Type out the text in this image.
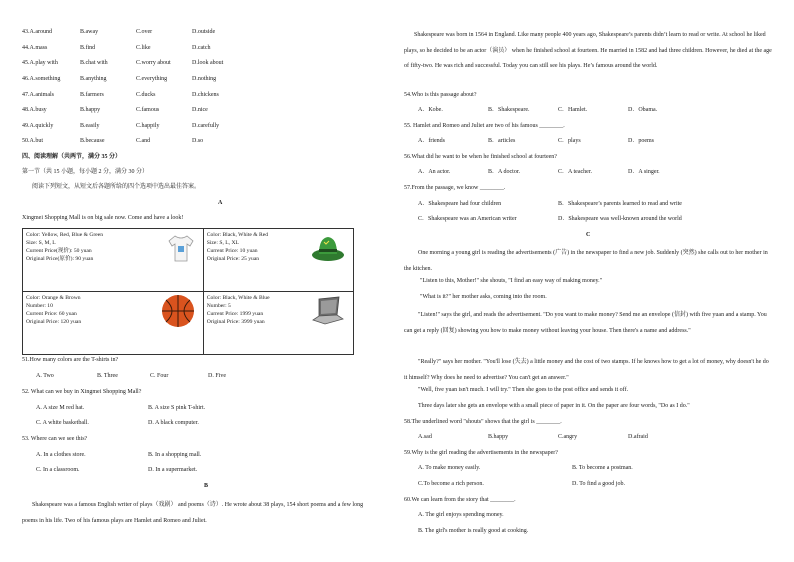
43.A.around	B.away	C.over	D.outside
44.A.mass	B.find	C.like	D.catch
45.A.play with	B.chat with	C.worry about	D.look about
46.A.something	B.anything	C.everything	D.nothing
47.A.animals	B.farmers	C.ducks	D.chickens
48.A.busy	B.happy	C.famous	D.nice
49.A.quickly	B.easily	C.happily	D.carefully
50.A.but	B.because	C.and	D.so
四、阅读理解（共两节，满分 35 分）
第一节（共 15 小题，每小题 2 分，满分 30 分）
阅读下列短文，从短文后各题所给的四个选项中选出最佳答案。
A
Xingmei Shopping Mall is on big sale now. Come and have a look!
Color: Yellow, Red, Blue & Green
Size: S, M, L
Current Price(现价): 50 yuan
Original Price(原价): 90 yuan	Color: Black, White & Red
Size: S, L, XL
Current Price: 10 yuan
Original Price: 25 yuan

Color: Orange & Brown
Number: 10
Current Price: 60 yuan
Original Price: 120 yuan	Color: Black, White & Blue
Number: 5
Current Price: 1999 yuan
Original Price: 3999 yuan
51.How many colors are the T-shirts in?
A. Two	B. Three	C. Four	D. Five
52. What can we buy in Xingmei Shopping Mall?
A. A size M red hat.	B. A size S pink T-shirt.
C. A white basketball.	D. A black computer.
53. Where can we see this?
A. In a clothes store.	B. In a shopping mall.
C. In a classroom.	D. In a supermarket.
B
Shakespeare was a famous English writer of plays（戏剧） and poems（诗）. He wrote about 38 plays, 154 short poems and a few long poems in his life. Two of his famous plays are Hamlet and Romeo and Juliet.
Shakespeare was born in 1564 in England. Like many people 400 years ago, Shakespeare’s parents didn’t learn to read or write. At school he liked plays, so he decided to be an actor（演员） when he finished school at fourteen. He married in 1582 and had three children. However, he died at the age of fifty-two. He was rich and successful. Today you can still see his plays. He’s famous around the world.
54.Who is this passage about?
A．Kobe.	B．Shakespeare.	C．Hamlet.	D．Obama.
55. Hamlet and Romeo and Juliet are two of his famous ________.
A．friends	B．articles	C．plays	D．poems
56.What did he want to be when he finished school at fourteen?
A．An actor.	B．A doctor.	C．A teacher.	D．A singer.
57.From the passage, we know ________.
A．Shakespeare had four children	B．Shakespeare’s parents learned to read and write
C．Shakespeare was an American writer	D．Shakespeare was well-known around the world
C
One morning a young girl is reading the advertisements (广告) in the newspaper to find a new job. Suddenly (突然) she calls out to her mother in the kitchen.
"Listen to this, Mother!" she shouts, "I find an easy way of making money."
"What is it?" her mother asks, coming into the room.
"Listen!" says the girl, and reads the advertisement. "Do you want to make money? Send me an envelope (信封) with five yuan and a stamp. You can get a reply (回复) showing you how to make money without leaving your house. Then there's a name and address."
"Really?" says her mother. "You'll lose (失去) a little money and the cost of two stamps. If he knows how to get a lot of money, why doesn't he do it himself? Why does he need to advertise? You can't get an answer."
"Well, five yuan isn't much. I will try." Then she goes to the post office and sends it off.
Three days later she gets an envelope with a small piece of paper in it. On the paper are four words, "Do as I do."
58.The underlined word "shouts" shows that the girl is ________.
A.sad	B.happy	C.angry	D.afraid
59.Why is the girl reading the advertisements in the newspaper?
A. To make money easily.	B. To become a postman.
C.To become a rich person.	D. To find a good job.
60.We can learn from the story that ________.
A. The girl enjoys spending money.
B. The girl's mother is really good at cooking.
